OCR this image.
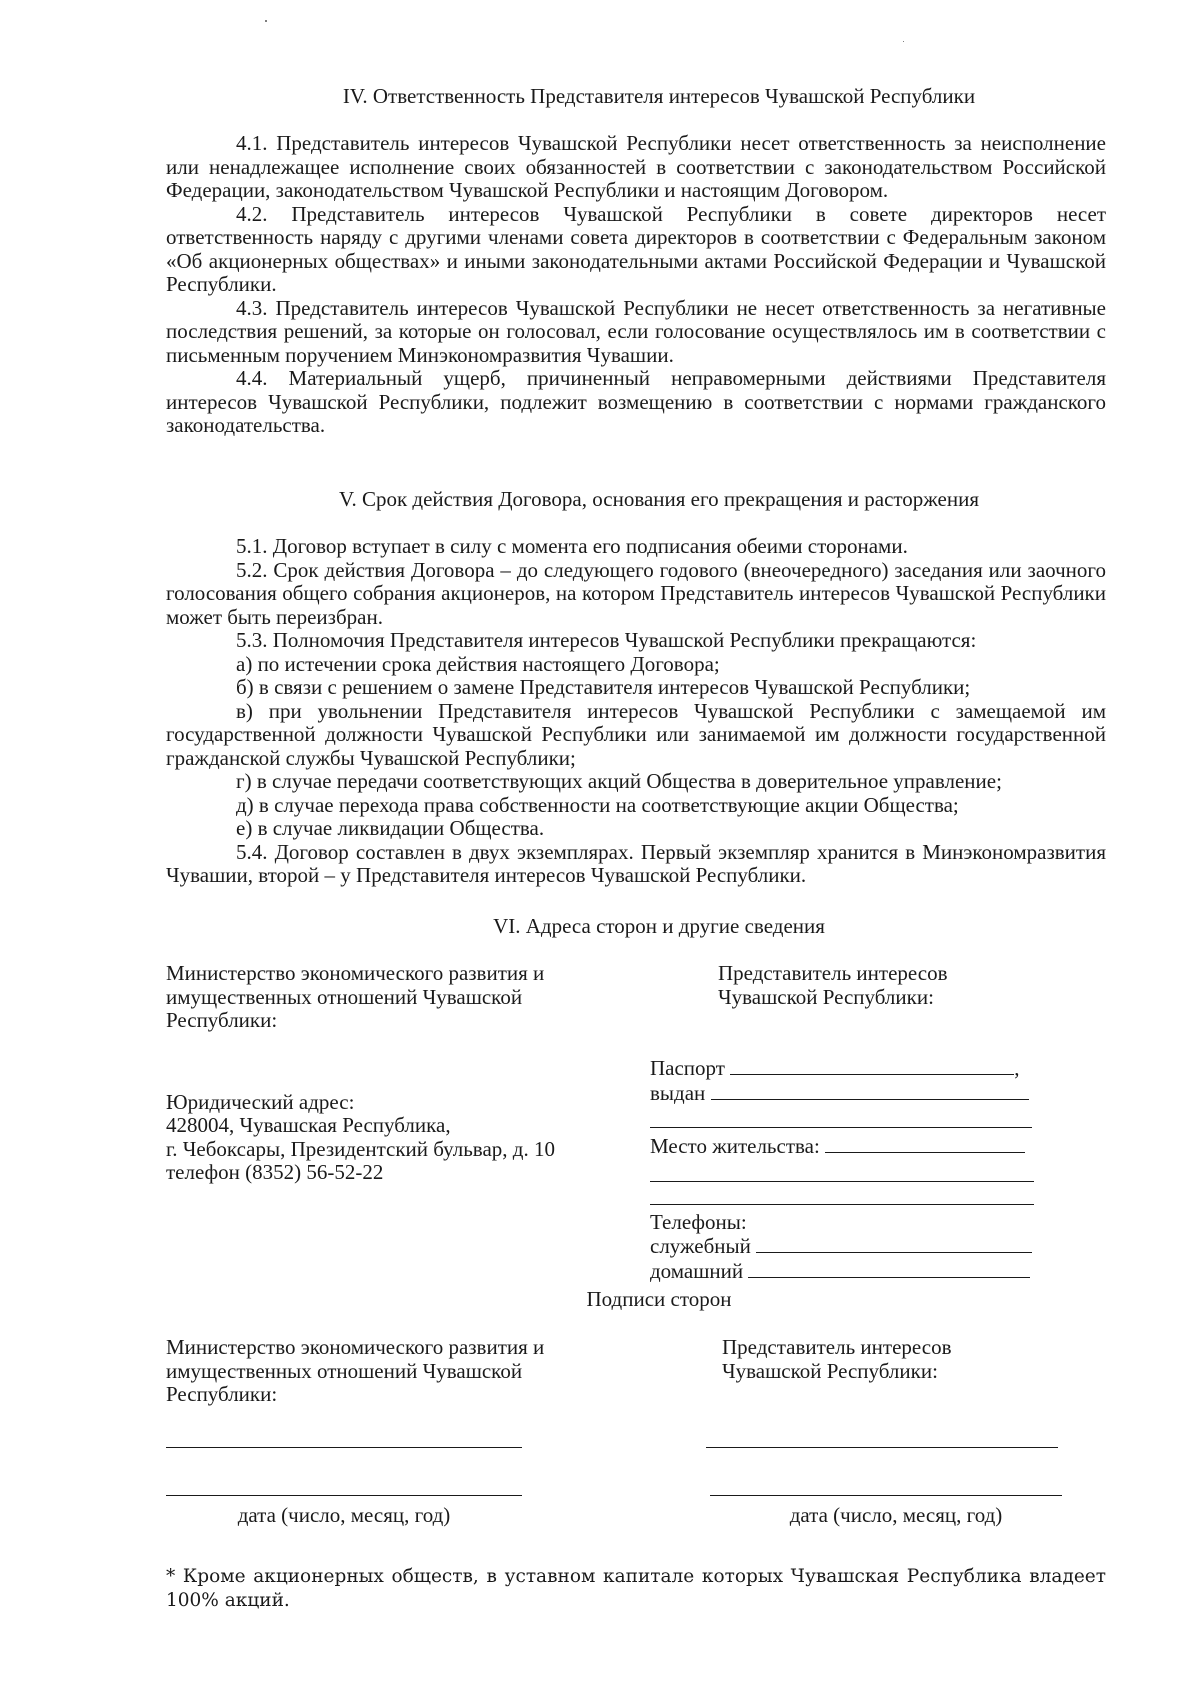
IV. Ответственность Представителя интересов Чувашской Республики

4.1. Представитель интересов Чувашской Республики несет ответственность за неисполнение или ненадлежащее исполнение своих обязанностей в соответствии с законодательством Российской Федерации, законодательством Чувашской Республики и настоящим Договором.

4.2. Представитель интересов Чувашской Республики в совете директоров несет ответственность наряду с другими членами совета директоров в соответствии с Федеральным законом «Об акционерных обществах» и иными законодательными актами Российской Федерации и Чувашской Республики.

4.3. Представитель интересов Чувашской Республики не несет ответственность за негативные последствия решений, за которые он голосовал, если голосование осуществлялось им в соответствии с письменным поручением Минэкономразвития Чувашии.

4.4. Материальный ущерб, причиненный неправомерными действиями Представителя интересов Чувашской Республики, подлежит возмещению в соответствии с нормами гражданского законодательства.

V. Срок действия Договора, основания его прекращения и расторжения

5.1. Договор вступает в силу с момента его подписания обеими сторонами.

5.2. Срок действия Договора – до следующего годового (внеочередного) заседания или заочного голосования общего собрания акционеров, на котором Представитель интересов Чувашской Республики может быть переизбран.

5.3. Полномочия Представителя интересов Чувашской Республики прекращаются:

а) по истечении срока действия настоящего Договора;

б) в связи с решением о замене Представителя интересов Чувашской Республики;

в) при увольнении Представителя интересов Чувашской Республики с замещаемой им государственной должности Чувашской Республики или занимаемой им должности государственной гражданской службы Чувашской Республики;

г) в случае передачи соответствующих акций Общества в доверительное управление;

д) в случае перехода права собственности на соответствующие акции Общества;

е) в случае ликвидации Общества.

5.4. Договор составлен в двух экземплярах. Первый экземпляр хранится в Минэкономразвития Чувашии, второй – у Представителя интересов Чувашской Республики.

VI. Адреса сторон и другие сведения

Министерство экономического развития и

имущественных отношений Чувашской

Республики:

Юридический адрес:

428004, Чувашская Республика,

г. Чебоксары, Президентский бульвар, д. 10

телефон (8352) 56-52-22

Представитель интересов

Чувашской Республики:

Паспорт	,

выдан

Место жительства:

Телефоны:

служебный

домашний

Подписи сторон

Министерство экономического развития и

имущественных отношений Чувашской

Республики:

Представитель интересов

Чувашской Республики:

дата (число, месяц, год)	дата (число, месяц, год)

* Кроме акционерных обществ, в уставном капитале которых Чувашская Республика владеет 100% акций.
